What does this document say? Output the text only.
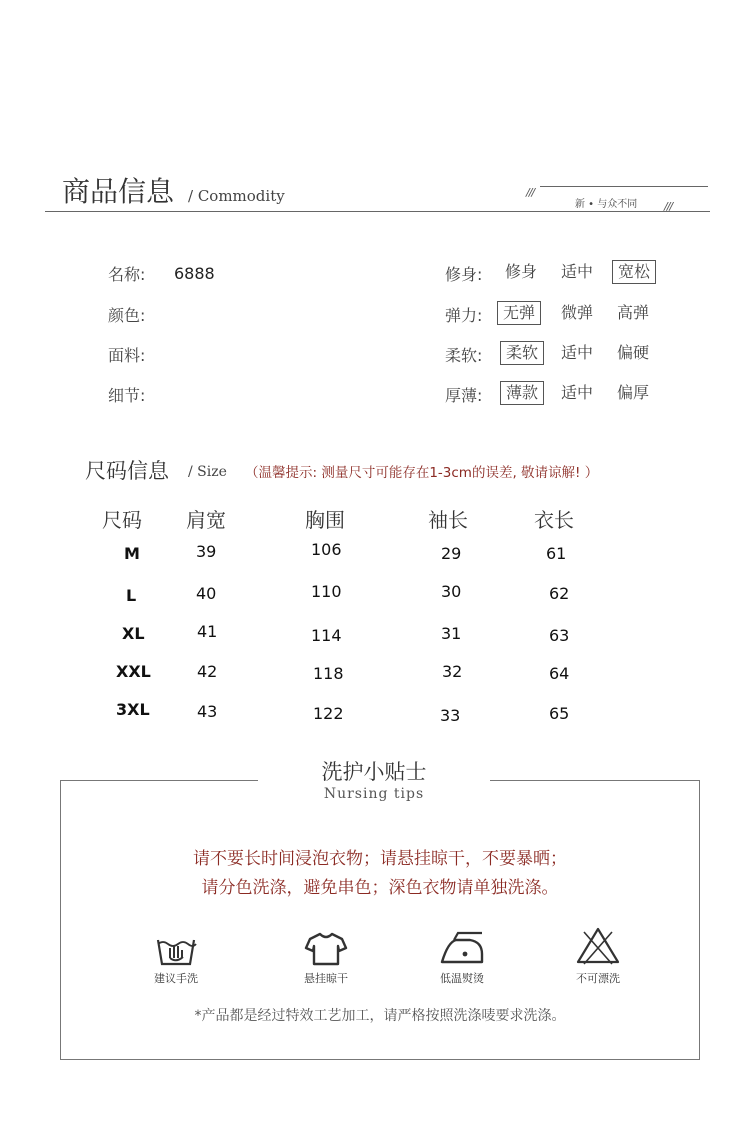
商品信息 / Commodity	///
新 • 与众不同 ///
名称: 6888
颜色:
面料:
细节:
修身:	修身	适中	宽松
弹力:	无弹	微弹	高弹
柔软:	柔软	适中	偏硬
厚薄:	薄款	适中	偏厚
尺码信息 / Size （温馨提示: 测量尺寸可能存在1-3cm的误差, 敬请谅解! ）
尺码 肩宽	胸围	袖长	衣长
M	39	106	29	61
L	40	110	30	62
XL	41	114	31	63
XXL	42	118	32	64
3XL	43	122	33	65
洗护小贴士
Nursing tips
请不要长时间浸泡衣物；请悬挂晾干，不要暴晒；
请分色洗涤，避免串色；深色衣物请单独洗涤。
建议手洗	悬挂晾干	低温熨烫	不可漂洗
*产品都是经过特效工艺加工，请严格按照洗涤唛要求洗涤。
